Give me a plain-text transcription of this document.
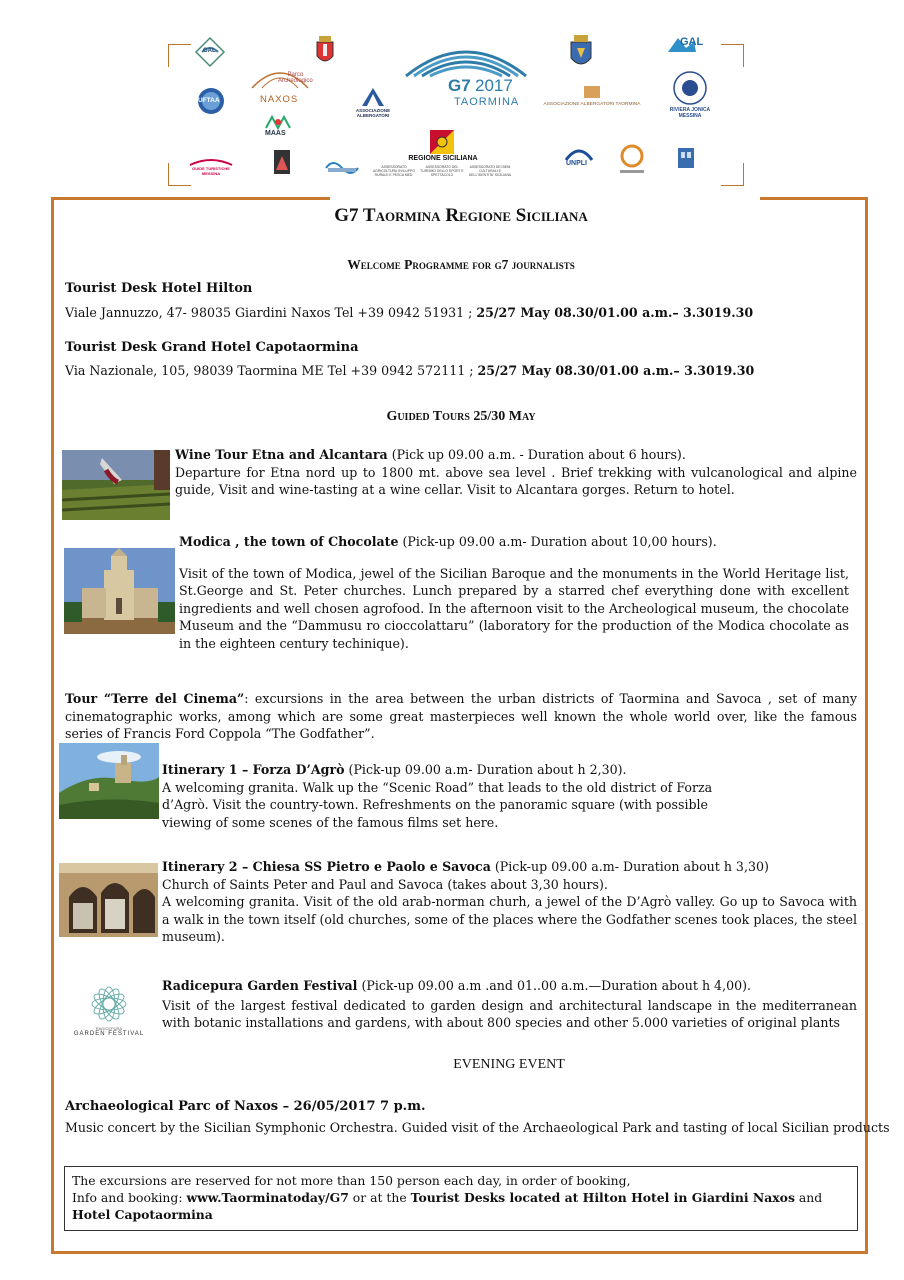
GAL
UFTAA
Parco Archeologico
NAXOS
MAAS
ASSOCIAZIONE ALBERGATORI
G7 2017
TAORMINA
GAL
ASSOCIAZIONE ALBERGATORI TAORMINA
RIVIERA JONICA MESSINA
REGIONE SICILIANA
ASSESSORATO AGRICOLTURA SVILUPPO RURALE E PESCA MED.
ASSESSORATO DEL TURISMO DELLO SPORT E SPETTACOLO
ASSESSORATO DEI BENI CULTURALI E DELL'IDENTITA' SICILIANA
GUIDE TURISTICHE MESSINA
UNPLI
G7 Taormina Regione Siciliana
Welcome Programme for g7 journalists
Tourist Desk Hotel Hilton
Viale Jannuzzo, 47- 98035 Giardini Naxos Tel +39 0942 51931 ; 25/27 May 08.30/01.00 a.m.– 3.3019.30
Tourist Desk Grand Hotel Capotaormina
Via Nazionale, 105, 98039 Taormina ME Tel +39 0942 572111 ; 25/27 May 08.30/01.00 a.m.– 3.3019.30
Guided Tours 25/30 May
Wine Tour Etna and Alcantara (Pick up 09.00 a.m. - Duration about 6 hours).
Departure for Etna nord up to 1800 mt. above sea level . Brief trekking with vulcanological and alpine guide, Visit and wine-tasting at a wine cellar. Visit to Alcantara gorges. Return to hotel.
Modica , the town of Chocolate (Pick-up 09.00 a.m- Duration about 10,00 hours).
Visit of the town of Modica, jewel of the Sicilian Baroque and the monuments in the World Heritage list, St.George and St. Peter churches. Lunch prepared by a starred chef everything done with excellent ingredients and well chosen agrofood. In the afternoon visit to the Archeological museum, the chocolate Museum and the “Dammusu ro cioccolattaru” (laboratory for the production of the Modica chocolate as in the eighteen century techinique).
Tour “Terre del Cinema”: excursions in the area between the urban districts of Taormina and Savoca , set of many cinematographic works, among which are some great masterpieces well known the whole world over, like the famous series of Francis Ford Coppola “The Godfather”.
Itinerary 1 – Forza D’Agrò (Pick-up 09.00 a.m- Duration about h 2,30).
A welcoming granita. Walk up the “Scenic Road” that leads to the old district of Forza d’Agrò. Visit the country-town. Refreshments on the panoramic square (with possible viewing of some scenes of the famous films set here.
Itinerary 2 – Chiesa SS Pietro e Paolo e Savoca (Pick-up 09.00 a.m- Duration about h 3,30)
Church of Saints Peter and Paul and Savoca (takes about 3,30 hours).
A welcoming granita. Visit of the old arab-norman churh, a jewel of the D’Agrò valley. Go up to Savoca with a walk in the town itself (old churches, some of the places where the Godfather scenes took places, the steel museum).
RADICEPURA
GARDEN FESTIVAL
Radicepura Garden Festival (Pick-up 09.00 a.m .and 01..00 a.m.—Duration about h 4,00).
Visit of the largest festival dedicated to garden design and architectural landscape in the mediterranean with botanic installations and gardens, with about 800 species and other 5.000 varieties of original plants
EVENING EVENT
Archaeological Parc of Naxos – 26/05/2017 7 p.m.
Music concert by the Sicilian Symphonic Orchestra. Guided visit of the Archaeological Park and tasting of local Sicilian products
The excursions are reserved for not more than 150 person each day, in order of booking,
Info and booking: www.Taorminatoday/G7 or at the Tourist Desks located at Hilton Hotel in Giardini Naxos and Hotel Capotaormina
